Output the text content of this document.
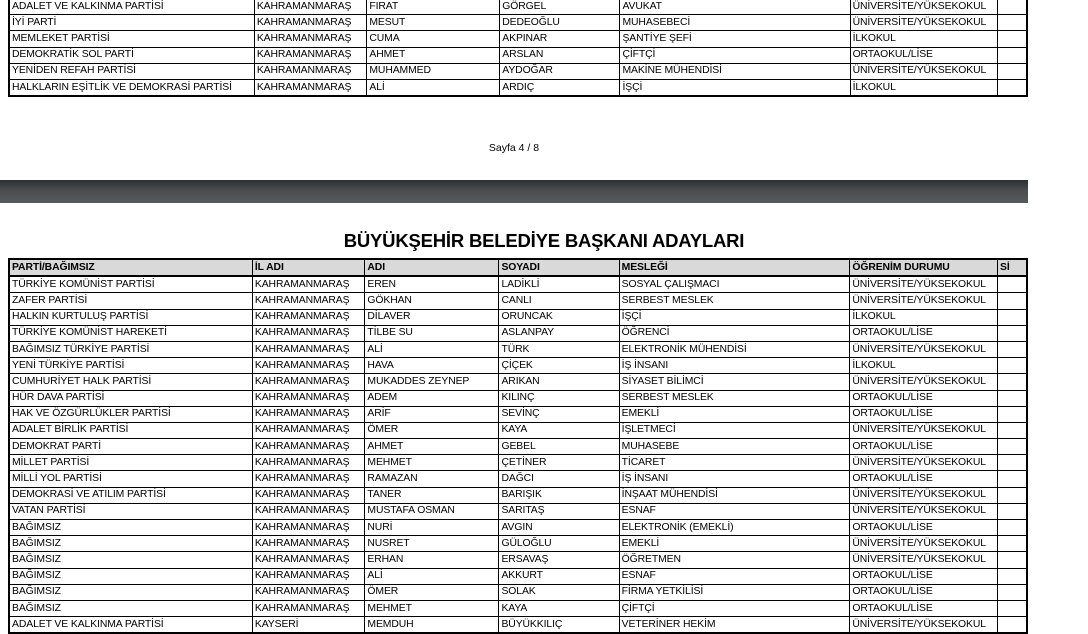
ADALET VE KALKINMA PARTİSİ	KAHRAMANMARAŞ	FIRAT	GÖRGEL	AVUKAT	ÜNİVERSİTE/YÜKSEKOKUL	
İYİ PARTİ	KAHRAMANMARAŞ	MESUT	DEDEOĞLU	MUHASEBECİ	ÜNİVERSİTE/YÜKSEKOKUL	
MEMLEKET PARTİSİ	KAHRAMANMARAŞ	CUMA	AKPINAR	ŞANTİYE ŞEFİ	İLKOKUL	
DEMOKRATİK SOL PARTİ	KAHRAMANMARAŞ	AHMET	ARSLAN	ÇİFTÇİ	ORTAOKUL/LİSE	
YENİDEN REFAH PARTİSİ	KAHRAMANMARAŞ	MUHAMMED	AYDOĞAR	MAKİNE MÜHENDİSİ	ÜNİVERSİTE/YÜKSEKOKUL	
HALKLARIN EŞİTLİK VE DEMOKRASİ PARTİSİ	KAHRAMANMARAŞ	ALİ	ARDIÇ	İŞÇİ	İLKOKUL	
Sayfa 4 / 8
BÜYÜKŞEHİR BELEDİYE BAŞKANI ADAYLARI
PARTİ/BAĞIMSIZ	İL ADI	ADI	SOYADI	MESLEĞİ	ÖĞRENİM DURUMU	Sİ
TÜRKİYE KOMÜNİST PARTİSİ	KAHRAMANMARAŞ	EREN	LADİKLİ	SOSYAL ÇALIŞMACI	ÜNİVERSİTE/YÜKSEKOKUL	
ZAFER PARTİSİ	KAHRAMANMARAŞ	GÖKHAN	CANLI	SERBEST MESLEK	ÜNİVERSİTE/YÜKSEKOKUL	
HALKIN KURTULUŞ PARTİSİ	KAHRAMANMARAŞ	DİLAVER	ORUNCAK	İŞÇİ	İLKOKUL	
TÜRKİYE KOMÜNİST HAREKETİ	KAHRAMANMARAŞ	TİLBE SU	ASLANPAY	ÖĞRENCİ	ORTAOKUL/LİSE	
BAĞIMSIZ TÜRKİYE PARTİSİ	KAHRAMANMARAŞ	ALİ	TÜRK	ELEKTRONİK MÜHENDİSİ	ÜNİVERSİTE/YÜKSEKOKUL	
YENİ TÜRKİYE PARTİSİ	KAHRAMANMARAŞ	HAVA	ÇİÇEK	İŞ İNSANI	İLKOKUL	
CUMHURİYET HALK PARTİSİ	KAHRAMANMARAŞ	MUKADDES ZEYNEP	ARIKAN	SİYASET BİLİMCİ	ÜNİVERSİTE/YÜKSEKOKUL	
HÜR DAVA PARTİSİ	KAHRAMANMARAŞ	ADEM	KILINÇ	SERBEST MESLEK	ORTAOKUL/LİSE	
HAK VE ÖZGÜRLÜKLER PARTİSİ	KAHRAMANMARAŞ	ARİF	SEVİNÇ	EMEKLİ	ORTAOKUL/LİSE	
ADALET BİRLİK PARTİSİ	KAHRAMANMARAŞ	ÖMER	KAYA	İŞLETMECİ	ÜNİVERSİTE/YÜKSEKOKUL	
DEMOKRAT PARTİ	KAHRAMANMARAŞ	AHMET	GEBEL	MUHASEBE	ORTAOKUL/LİSE	
MİLLET PARTİSİ	KAHRAMANMARAŞ	MEHMET	ÇETİNER	TİCARET	ÜNİVERSİTE/YÜKSEKOKUL	
MİLLİ YOL PARTİSİ	KAHRAMANMARAŞ	RAMAZAN	DAĞCI	İŞ İNSANI	ORTAOKUL/LİSE	
DEMOKRASİ VE ATILIM PARTİSİ	KAHRAMANMARAŞ	TANER	BARIŞIK	İNŞAAT MÜHENDİSİ	ÜNİVERSİTE/YÜKSEKOKUL	
VATAN PARTİSİ	KAHRAMANMARAŞ	MUSTAFA OSMAN	SARITAŞ	ESNAF	ÜNİVERSİTE/YÜKSEKOKUL	
BAĞIMSIZ	KAHRAMANMARAŞ	NURİ	AVGIN	ELEKTRONİK (EMEKLİ)	ORTAOKUL/LİSE	
BAĞIMSIZ	KAHRAMANMARAŞ	NUSRET	GÜLOĞLU	EMEKLİ	ÜNİVERSİTE/YÜKSEKOKUL	
BAĞIMSIZ	KAHRAMANMARAŞ	ERHAN	ERSAVAŞ	ÖĞRETMEN	ÜNİVERSİTE/YÜKSEKOKUL	
BAĞIMSIZ	KAHRAMANMARAŞ	ALİ	AKKURT	ESNAF	ORTAOKUL/LİSE	
BAĞIMSIZ	KAHRAMANMARAŞ	ÖMER	SOLAK	FİRMA YETKİLİSİ	ORTAOKUL/LİSE	
BAĞIMSIZ	KAHRAMANMARAŞ	MEHMET	KAYA	ÇİFTÇİ	ORTAOKUL/LİSE	
ADALET VE KALKINMA PARTİSİ	KAYSERİ	MEMDUH	BÜYÜKKILIÇ	VETERİNER HEKİM	ÜNİVERSİTE/YÜKSEKOKUL	
